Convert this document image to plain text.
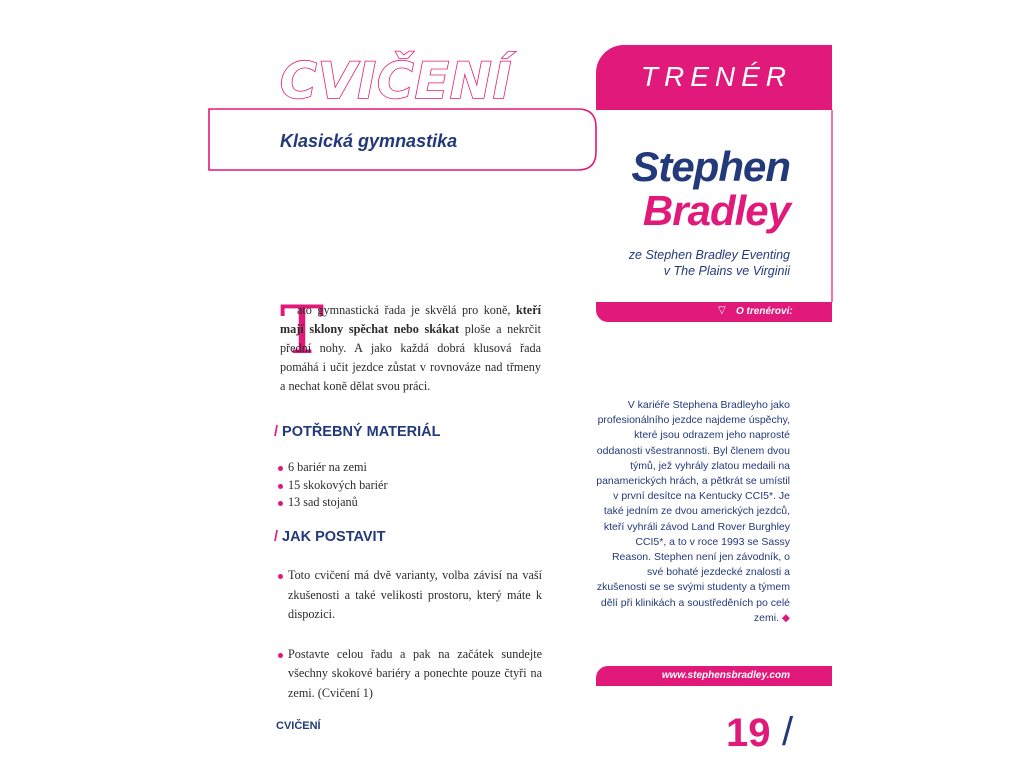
CVIČENÍ
Klasická gymnastika
TRENÉR
Stephen
Bradley
ze Stephen Bradley Eventing
v The Plains ve Virginii
▽ O trenérovi:
V kariéře Stephena Bradleyho jako profesionálního jezdce najdeme úspěchy, které jsou odrazem jeho naprosté oddanosti všestrannosti. Byl členem dvou týmů, jež vyhrály zlatou medaili na panamerických hrách, a pětkrát se umístil v první desítce na Kentucky CCI5*. Je také jedním ze dvou amerických jezdců, kteří vyhráli závod Land Rover Burghley CCI5*, a to v roce 1993 se Sassy Reason. Stephen není jen závodník, o své bohaté jezdecké znalosti a zkušenosti se se svými studenty a týmem dělí při klinikách a soustředěních po celé zemi. ◆
www.stephensbradley.com
T
ato gymnastická řada je skvělá pro koně, kteří mají sklony spěchat nebo skákat ploše a nekrčit přední nohy. A jako každá dobrá klusová řada pomáhá i učit jezdce zůstat v rovnováze nad třmeny a nechat koně dělat svou práci.
/ POTŘEBNÝ MATERIÁL
6 bariér na zemi
15 skokových bariér
13 sad stojanů
/ JAK POSTAVIT
Toto cvičení má dvě varianty, volba závisí na vaší zkušenosti a také velikosti prostoru, který máte k dispozici.
Postavte celou řadu a pak na začátek sundejte všechny skokové bariéry a ponechte pouze čtyři na zemi. (Cvičení 1)
CVIČENÍ	19 /
